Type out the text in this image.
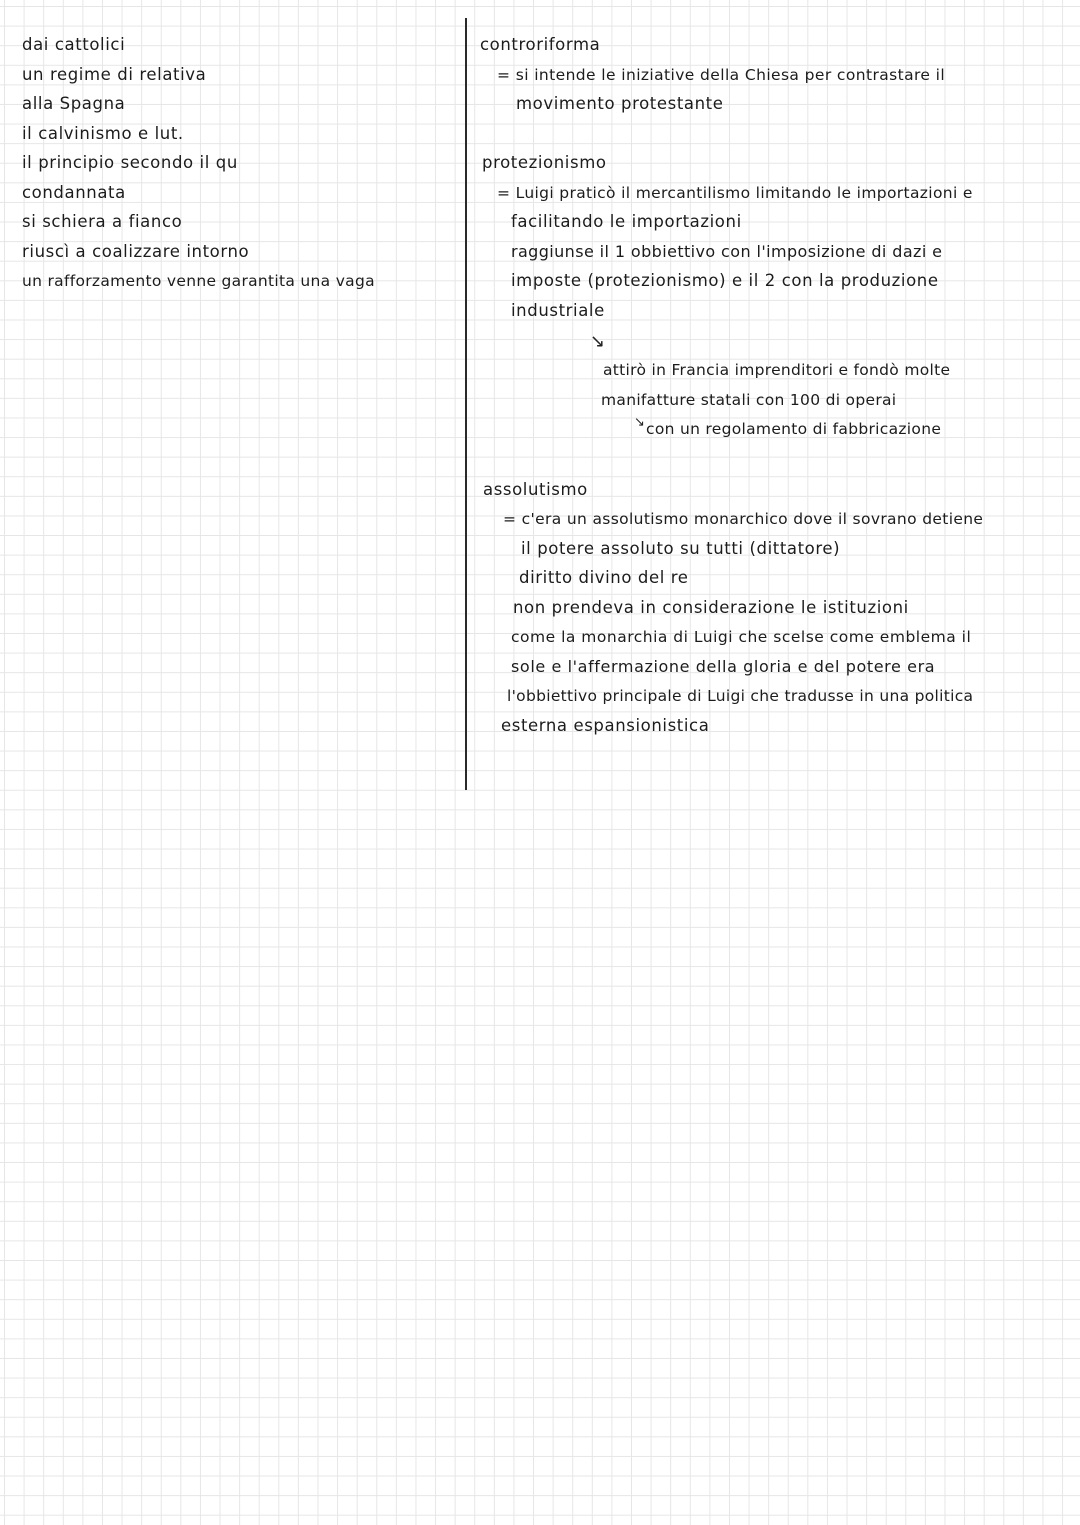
dai cattolici
un regime di relativa
alla Spagna
il calvinismo e lut.
il principio secondo il qu
condannata
si schiera a fianco
riuscì a coalizzare intorno
un rafforzamento venne garantita una vaga
controriforma
= si intende le iniziative della Chiesa per contrastare il
movimento protestante
protezionismo
= Luigi praticò il mercantilismo limitando le importazioni e
facilitando le importazioni
raggiunse il 1 obbiettivo con l'imposizione di dazi e
imposte (protezionismo) e il 2 con la produzione
industriale
↘
attirò in Francia imprenditori e fondò molte
manifatture statali con 100 di operai
↘ con un regolamento di fabbricazione
assolutismo
= c'era un assolutismo monarchico dove il sovrano detiene
il potere assoluto su tutti (dittatore)
diritto divino del re
non prendeva in considerazione le istituzioni
come la monarchia di Luigi che scelse come emblema il
sole e l'affermazione della gloria e del potere era
l'obbiettivo principale di Luigi che tradusse in una politica
esterna espansionistica
